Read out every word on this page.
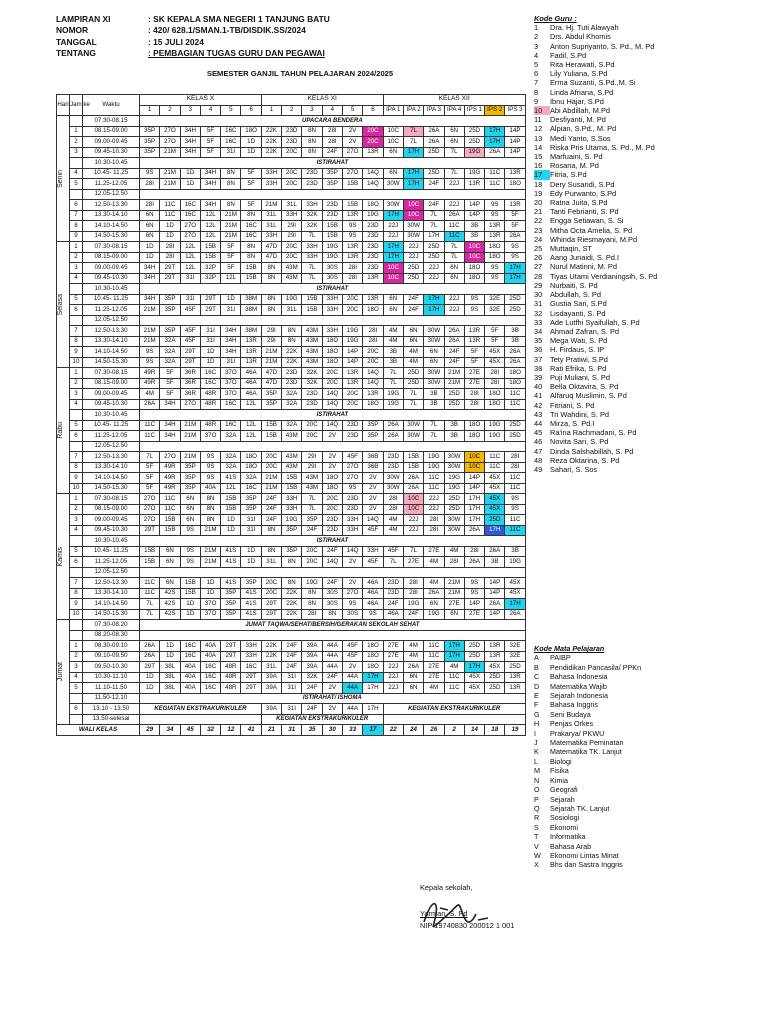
LAMPIRAN XI	: SK KEPALA SMA NEGERI 1 TANJUNG BATU
NOMOR	: 420/ 628.1/SMAN.1-TB/DISDIK.SS/2024
TANGGAL	: 15 JULI 2024
TENTANG	: PEMBAGIAN TUGAS GURU DAN PEGAWAI
SEMESTER GANJIL TAHUN PELAJARAN 2024/2025
Hari	Jam ke	Waktu	KELAS X						KELAS XI						KELAS XII						
			1	2	3	4	5	6	1	2	3	4	5	6	IPA 1	IPA 2	IPA 3	IPA 4	IPS 1	IPS 2	IPS 3

Senin		07.30-08.15	UPACARA BENDERA																		
	1	08.15-09.00	35P	27O	34H	5F	16C	18O	22K	23D	8N	28I	2V	20C	10C	7L	26A	6N	25D	17H	14P
	2	09.00-09.45	35P	27O	34H	5F	16C	1D	22K	23D	8N	28I	2V	20C	10C	7L	26A	6N	25D	17H	14P
	3	09.45-10.30	35P	21M	34H	5F	31I	1D	22K	20C	8N	24F	27O	13R	6N	17H	25D	7L	19G	26A	14P
		10.30-10.45	ISTIRAHAT																		
	4	10.45- 11.25	9S	21M	1D	34H	8N	5F	33H	20C	23D	35P	27O	14Q	6N	17H	25D	7L	19G	11C	13R
	5	11.25-12.05	28I	21M	1D	34H	8N	5F	33H	20C	23D	35P	15B	14Q	30W	17H	24F	22J	13R	11C	18O
		12.05-12.50																			
	6	12.50-13.30	28I	11C	16C	34H	8N	5F	21M	31L	33H	23D	15B	18O	30W	10C	24F	22J	14P	9S	13R
	7	13.30-14.10	6N	11C	16C	12L	21M	8N	31L	33H	32K	23D	13R	19G	17H	10C	7L	26A	14P	9S	5F
	8	14.10-14.50	6N	1D	27O	12L	21M	16C	31L	29I	32K	15B	9S	23D	22J	30W	7L	11C	3B	13R	5F
	9	14.50-15.30	6N	1D	27O	12L	21M	16C	33H	29I	7L	15B	9S	23D	22J	30W	17H	11C	3B	13R	26A

Selasa	1	07.30-08.15	1D	28I	12L	15B	5F	8N	47D	20C	33H	19G	13R	23D	17H	22J	25D	7L	10C	18O	9S
	2	08.15-09.00	1D	28I	12L	15B	5F	8N	47D	20C	33H	19G	13R	23D	17H	22J	25D	7L	10C	18O	9S
	3	09.00-09.45	34H	29T	12L	32P	5F	15B	8N	43M	7L	30S	28I	23D	10C	25D	22J	6N	18O	9S	17H
	4	09.45-10.30	34H	29T	31I	32P	12L	15B	8N	43M	7L	30S	28I	13R	10C	25D	22J	6N	18O	9S	17H
		10.30-10.45	ISTIRAHAT																		
	5	10.45- 11.25	34H	35P	31I	29T	1D	38M	8N	19G	15B	33H	20C	13R	6N	24F	17H	22J	9S	32E	25D
	6	11.25-12.05	21M	35P	45F	29T	31I	38M	8N	31L	15B	33H	20C	18O	6N	24F	17H	22J	9S	32E	25D
		12.05-12.50																			
	7	12.50-13.30	21M	35P	45F	31I	34H	38M	29I	8N	43M	33H	19G	28I	4M	6N	30W	26A	13R	5F	3B
	8	13.30-14.10	21M	32A	45F	31I	34H	13R	29I	8N	43M	18O	19G	28I	4M	6N	30W	26A	13R	5F	3B
	9	14.10-14.50	9S	32A	29T	1D	34H	13R	21M	22K	43M	18O	14P	20C	3B	4M	6N	24F	5F	45X	26A
	10	14.50-15.30	9S	32A	29T	1D	31I	13R	21M	22K	43M	18O	14P	20C	3B	4M	6N	24F	5F	45X	26A

Rabu	1	07.30-08.15	49R	5F	36R	16C	37O	46A	47D	23D	32K	20C	13R	14Q	7L	25D	30W	21M	27E	28I	18O
	2	08.15-09.00	49R	5F	36R	16C	37O	46A	47D	23D	32K	20C	13R	14Q	7L	25D	30W	21M	27E	28I	18O
	3	09.00-09.45	4M	5F	36R	48R	37O	46A	35P	32A	23D	14Q	20C	13R	19G	7L	3B	25D	28I	18O	11C
	4	09.45-10.30	26A	34H	27O	48R	16C	12L	35P	32A	23D	14Q	20C	18O	19G	7L	3B	25D	28I	18O	11C
		10.30-10.45	ISTIRAHAT																		
	5	10.45- 11.25	11C	34H	21M	48R	16C	12L	15B	32A	20C	14Q	23D	35P	26A	30W	7L	3B	18O	19G	25D
	6	11.25-12.05	11C	34H	21M	37O	32A	12L	15B	43M	20C	2V	23D	35P	26A	30W	7L	3B	18O	19G	25D
		12.05-12.50																			
	7	12.50-13.30	7L	27O	21M	9S	32A	18O	20C	43M	29I	2V	45F	36B	23D	15B	19G	30W	10C	11C	28I
	8	13.30-14.10	5F	49R	35P	9S	32A	18O	20C	43M	29I	2V	27O	36B	23D	15B	19G	30W	10C	11C	28I
	9	14.10-14.50	5F	49R	35P	9S	41S	32A	21M	15B	43M	18O	27O	2V	30W	26A	11C	19G	14P	45X	11C
	10	14.50-15.30	5F	49R	35P	40A	12L	16C	21M	15B	43M	18O	9S	2V	30W	26A	11C	19G	14P	45X	11C

Kamis	1	07.30-08.15	27O	11C	6N	8N	15B	35P	24F	33H	7L	20C	23D	2V	28I	10C	22J	25D	17H	45X	9S
	2	08.15-09.00	27O	11C	6N	8N	15B	35P	24F	33H	7L	20C	23D	2V	28I	10C	22J	25D	17H	45X	9S
	3	09.00-09.45	27O	15B	6N	8N	1D	31I	24F	19G	35P	23D	33H	14Q	4M	22J	28I	30W	17H	25D	11C
	4	09.45-10.30	29T	15B	9S	21M	1D	31I	8N	35P	24F	23D	33H	45F	4M	22J	28I	30W	26A	17H	11C
		10.30-10.45	ISTIRAHAT																		
	5	10.45- 11.25	15B	6N	9S	21M	41S	1D	8N	35P	20C	24F	14Q	33H	45F	7L	27E	4M	28I	26A	3B
	6	11.25-12.05	15B	6N	9S	21M	41S	1D	31L	8N	20C	14Q	2V	45F	7L	27E	4M	28I	26A	3B	19G
		12.05-12.50																			
	7	12.50-13.30	11C	6N	15B	1D	41S	35P	20C	8N	19G	24F	2V	46A	23D	28I	4M	21M	9S	14P	45X
	8	13.30-14.10	11C	42S	15B	1D	35P	41S	20C	22K	8N	30S	27O	46A	23D	28I	26A	21M	9S	14P	45X
	9	14.10-14.50	7L	42S	1D	37O	35P	41S	29T	22K	8N	30S	9S	46A	24F	19G	6N	27E	14P	26A	17H
	10	14.50-15.30	7L	42S	1D	37O	35P	41S	29T	22K	28I	8N	30S	9S	46A	24F	19G	6N	27E	14P	26A

Jumat		07.30-08.20	JUMAT TAQWA/SEHAT/BERSIH/GERAKAN SEKOLAH SEHAT																		
		08.20-08.30																			
	1	08.30-09.10	26A	1D	16C	40A	29T	33H	22K	24F	39A	44A	45F	18O	27E	4M	11C	17H	25D	13R	32E
	2	09.10-09.50	26A	1D	16C	40A	29T	33H	22K	24F	39A	44A	45F	18O	27E	4M	11C	17H	25D	13R	32E
	3	09.50-10.30	29T	38L	40A	16C	48R	16C	31L	24F	39A	44A	2V	18O	22J	26A	27E	4M	17H	45X	25D
	4	10.30-11.10	1D	38L	40A	16C	48R	29T	39A	31I	32K	24F	44A	17H	22J	6N	27E	11C	45X	25D	13R
	5	11.10-11.50	1D	38L	40A	16C	48R	29T	39A	31I	24F	2V	44A	17H	22J	6N	4M	11C	45X	25D	13R
		11.50-12.10	ISTIRAHAT/ ISHOMA																		
	6	13.10 - 13.50	KEGIATAN EKSTRAKURIKULER						39A	31I	24F	2V	44A	17H	KEGIATAN EKSTRAKURIKULER						
		13.50-selesai							KEGIATAN EKSTRAKURIKULER												
WALI KELAS			29	34	45	32	12	41	21	31	35	30	33	17	22	24	26	2	14	18	19
Kode Guru :
1	Dra. Hj. Tuti Alawyah
2	Drs. Abdul Khomis
3	Anton Supriyanto, S. Pd., M. Pd
4	Fadil, S.Pd
5	Rita Herawati, S.Pd
6	Lily Yuliana, S.Pd
7	Erma Suzanti, S.Pd.,M. Si
8	Linda Afriana, S.Pd
9	Ibnu Hajar, S.Pd
10	Abi Abdillah, M.Pd
11	Desfiyanti, M. Pd
12	Alpian, S.Pd., M. Pd
13	Medi Yanto, S.Sos
14	Riska Pris Utama, S. Pd., M. Pd
15	Marfuaini, S. Pd
16	Rosana, M. Pd
17	Fitria, S.Pd
18	Dery Susandi, S.Pd
19	Edy Purwanto, S.Pd
20	Ratna Juita, S.Pd
21	Tanti Febrianti, S. Pd
22	Engga Setiawan, S. Si
23	Mitha Octa Amelia, S. Pd
24	Whinda Riesmayani, M.Pd
25	Muttaqin, ST
26	Aang Junaidi, S. Pd.I
27	Nurul Matinni, M. Pd
28	Tiyas Utami Verdianingsih, S. Pd
29	Nurbaiti, S. Pd
30	Abdullah, S. Pd
31	Gustia Sari, S.Pd
32	Lisdayanti, S. Pd
33	Ade Lutfhi Syaifullah, S. Pd
34	Ahmad Zafran, S. Pd
35	Mega Wati, S. Pd
36	H. Firdaus, S. IP
37	Tety Pratiwi, S.Pd
38	Rati Efrika, S. Pd
39	Puji Muliani, S. Pd
40	Bella Oktavira, S. Pd
41	Alfaruq Muslimin, S. Pd
42	Fitriani, S. Pd
43	Tri Wahdini, S. Pd
44	Mirza, S. Pd.I
45	Ra'ina Rachmadani, S. Pd
46	Novita Sari, S. Pd
47	Dinda Salshabillah, S. Pd
48	Reza Oktarina, S. Pd
49	Sahari, S. Sos
Kode Mata Pelajaran
A	PAIBP
B	Pendidikan Pancasila/ PPKn
C	Bahasa Indonesia
D	Matematika Wajib
E	Sejarah Indonesia
F	Bahasa Inggris
G	Seni Budaya
H	Penjas Orkes
I	Prakarya/ PKWU
J	Matematika Peminatan
K	Matematika TK. Lanjut
L	Biologi
M	Fisika
N	Kimia
O	Geografi
P	Sejarah
Q	Sejarah TK. Lanjut
R	Sosiologi
S	Ekonomi
T	Informatika
V	Bahasa Arab
W	Ekonomi Lintas Minat
X	Bhs dan Sastra Inggris
Kepala sekolah,
Yarman, S. Pd
NIP 19740830 200012 1 001
